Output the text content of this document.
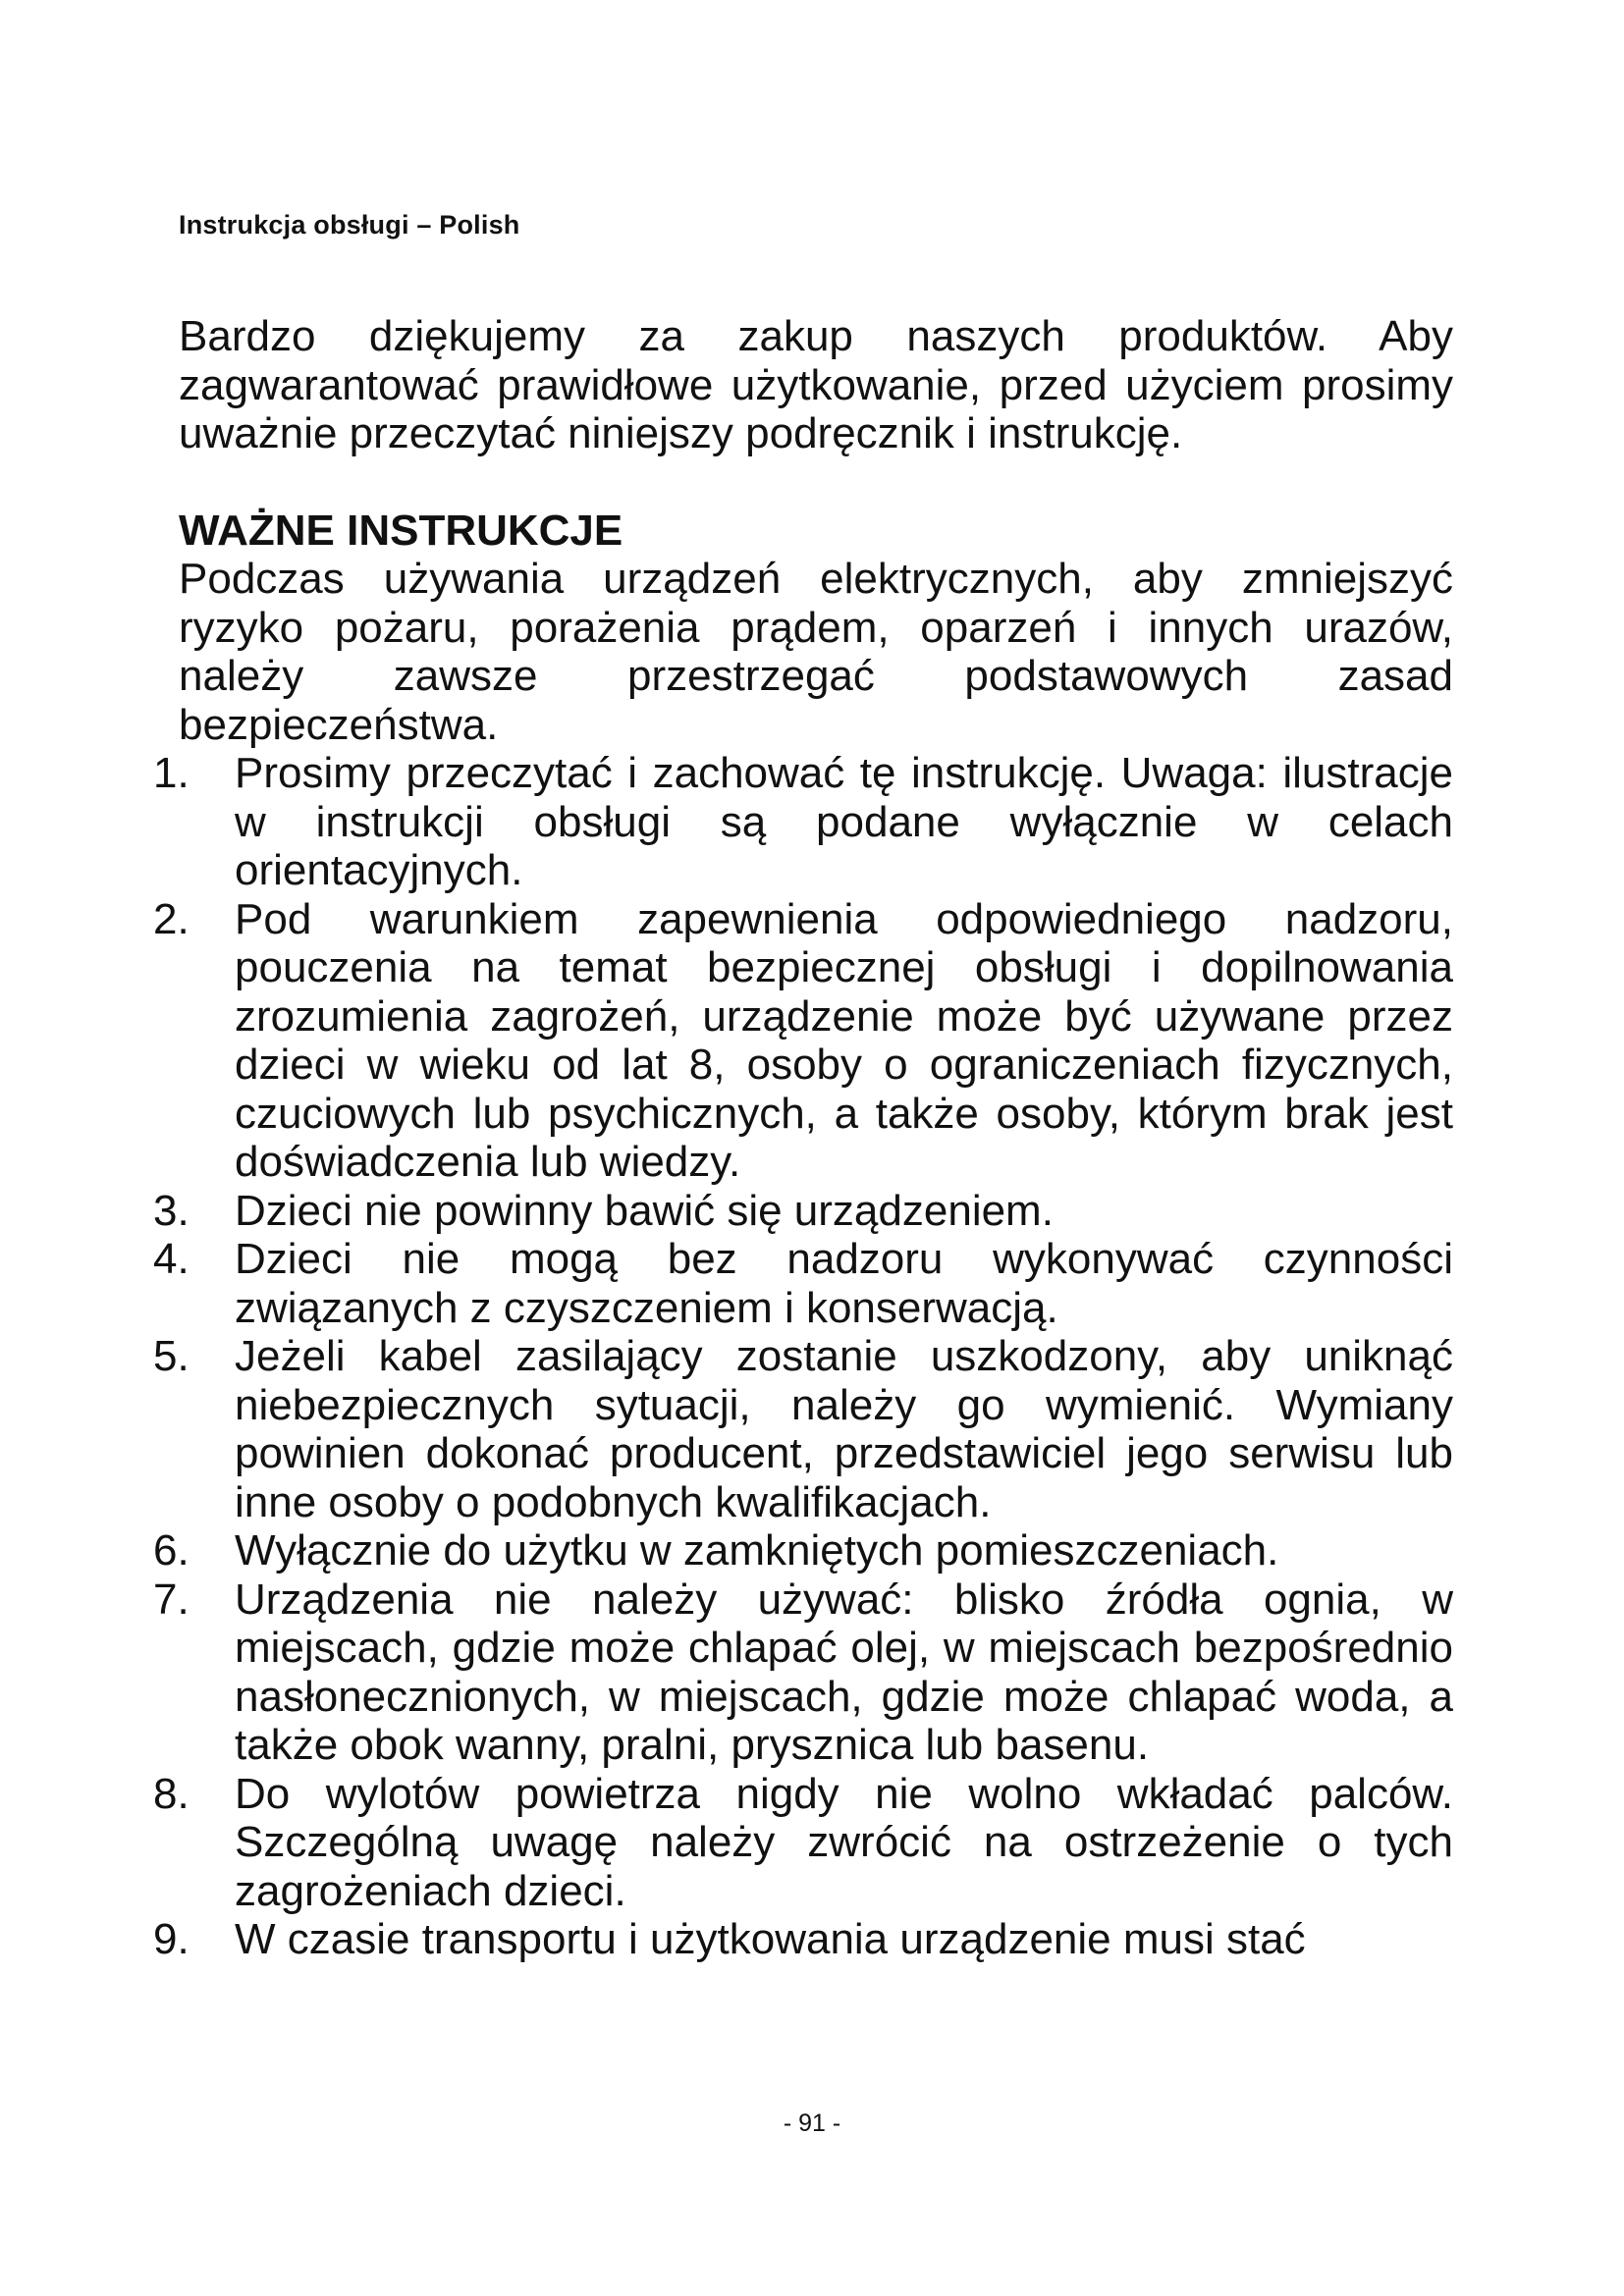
Instrukcja obsługi – Polish

Bardzo dziękujemy za zakup naszych produktów. Aby zagwarantować prawidłowe użytkowanie, przed użyciem prosimy uważnie przeczytać niniejszy podręcznik i instrukcję.

WAŻNE INSTRUKCJE

Podczas używania urządzeń elektrycznych, aby zmniejszyć ryzyko pożaru, porażenia prądem, oparzeń i innych urazów, należy zawsze przestrzegać podstawowych zasad bezpieczeństwa.

1.	Prosimy przeczytać i zachować tę instrukcję. Uwaga: ilustracje w instrukcji obsługi są podane wyłącznie w celach orientacyjnych.
2.	Pod warunkiem zapewnienia odpowiedniego nadzoru, pouczenia na temat bezpiecznej obsługi i dopilnowania zrozumienia zagrożeń, urządzenie może być używane przez dzieci w wieku od lat 8, osoby o ograniczeniach fizycznych, czuciowych lub psychicznych, a także osoby, którym brak jest doświadczenia lub wiedzy.
3.	Dzieci nie powinny bawić się urządzeniem.
4.	Dzieci nie mogą bez nadzoru wykonywać czynności związanych z czyszczeniem i konserwacją.
5.	Jeżeli kabel zasilający zostanie uszkodzony, aby uniknąć niebezpiecznych sytuacji, należy go wymienić. Wymiany powinien dokonać producent, przedstawiciel jego serwisu lub inne osoby o podobnych kwalifikacjach.
6.	Wyłącznie do użytku w zamkniętych pomieszczeniach.
7.	Urządzenia nie należy używać: blisko źródła ognia, w miejscach, gdzie może chlapać olej, w miejscach bezpośrednio nasłonecznionych, w miejscach, gdzie może chlapać woda, a także obok wanny, pralni, prysznica lub basenu.
8.	Do wylotów powietrza nigdy nie wolno wkładać palców. Szczególną uwagę należy zwrócić na ostrzeżenie o tych zagrożeniach dzieci.
9.	W czasie transportu i użytkowania urządzenie musi stać
- 91 -
